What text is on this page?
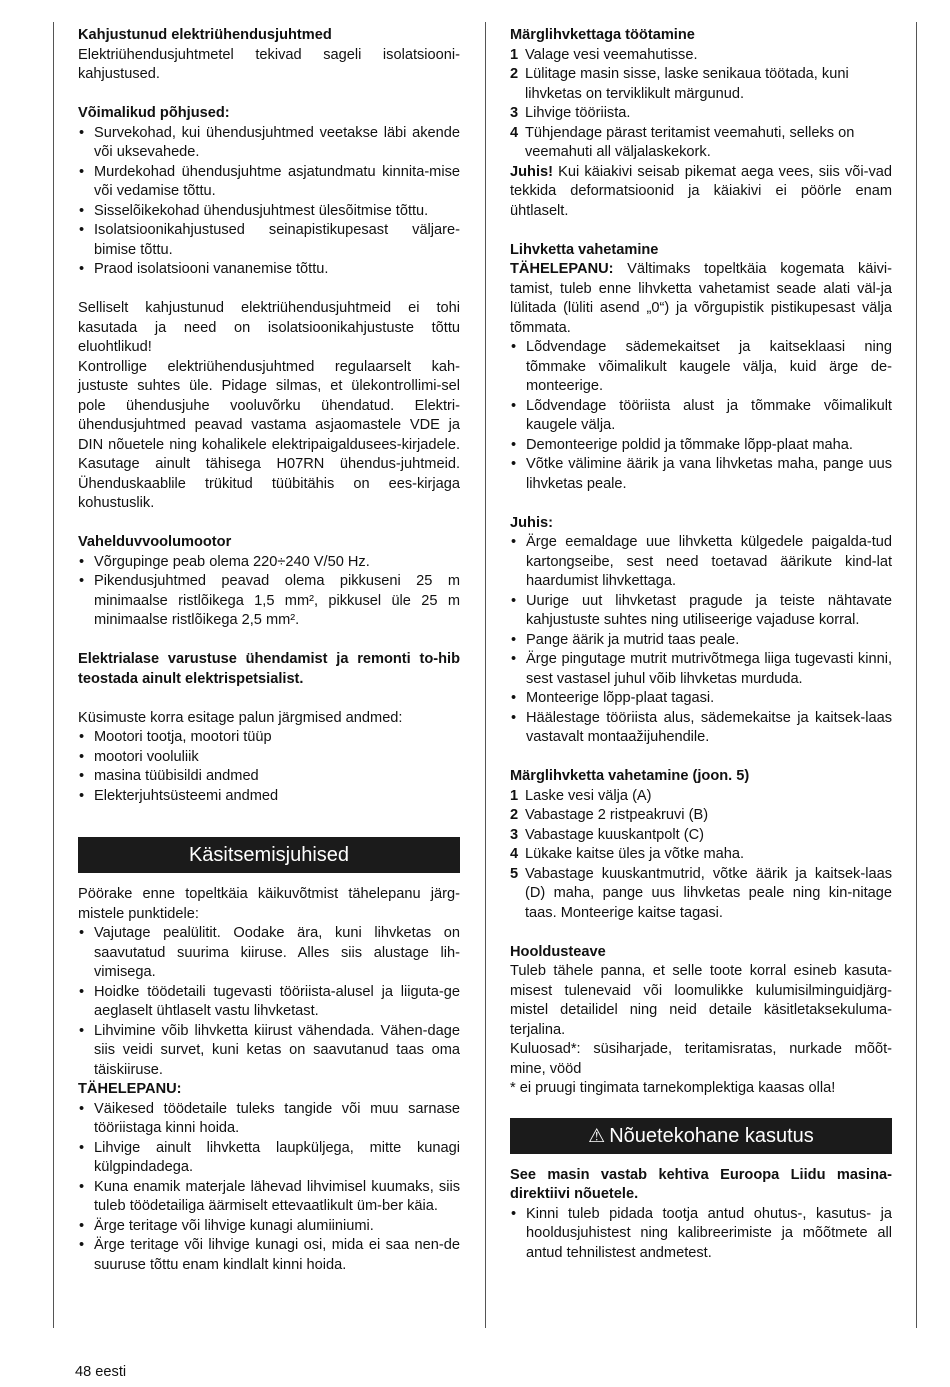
Kahjustunud elektriühendusjuhtmed

Elektriühendusjuhtmetel tekivad sageli isolatsiooni-kahjustused.

Võimalikud põhjused:

• Survekohad, kui ühendusjuhtmed veetakse läbi akende või uksevahede.
• Murdekohad ühendusjuhtme asjatundmatu kinnita-mise või vedamise tõttu.
• Sisselõikekohad ühendusjuhtmest ülesõitmise tõttu.
• Isolatsioonikahjustused seinapistikupesast väljare-bimise tõttu.
• Praod isolatsiooni vananemise tõttu.

Selliselt kahjustunud elektriühendusjuhtmeid ei tohi kasutada ja need on isolatsioonikahjustuste tõttu eluohtlikud!

Kontrollige elektriühendusjuhtmed regulaarselt kah-justuste suhtes üle. Pidage silmas, et ülekontrollimi-sel pole ühendusjuhe vooluvõrku ühendatud. Elektri-ühendusjuhtmed peavad vastama asjaomastele VDE ja DIN nõuetele ning kohalikele elektripaigaldusees-kirjadele. Kasutage ainult tähisega H07RN ühendus-juhtmeid. Ühenduskaablile trükitud tüübitähis on ees-kirjaga kohustuslik.

Vahelduvvoolumootor

• Võrgupinge peab olema 220÷240 V/50 Hz.
• Pikendusjuhtmed peavad olema pikkuseni 25 m minimaalse ristlõikega 1,5 mm², pikkusel üle 25 m minimaalse ristlõikega 2,5 mm².

Elektrialase varustuse ühendamist ja remonti to-hib teostada ainult elektrispetsialist.

Küsimuste korra esitage palun järgmised andmed:

• Mootori tootja, mootori tüüp
• mootori vooluliik
• masina tüübisildi andmed
• Elekterjuhtsüsteemi andmed
Käsitsemisjuhised

Pöörake enne topeltkäia käikuvõtmist tähelepanu järg-mistele punktidele:

• Vajutage pealülitit. Oodake ära, kuni lihvketas on saavutatud suurima kiiruse. Alles siis alustage lih-vimisega.
• Hoidke töödetaili tugevasti tööriista-alusel ja liiguta-ge aeglaselt ühtlaselt vastu lihvketast.
• Lihvimine võib lihvketta kiirust vähendada. Vähen-dage siis veidi survet, kuni ketas on saavutanud taas oma täiskiiruse.

TÄHELEPANU:

• Väikesed töödetaile tuleks tangide või muu sarnase tööriistaga kinni hoida.
• Lihvige ainult lihvketta laupküljega, mitte kunagi külgpindadega.
• Kuna enamik materjale lähevad lihvimisel kuumaks, siis tuleb töödetailiga äärmiselt ettevaatlikult üm-ber käia.
• Ärge teritage või lihvige kunagi alumiiniumi.
• Ärge teritage või lihvige kunagi osi, mida ei saa nen-de suuruse tõttu enam kindlalt kinni hoida.

Märglihvkettaga töötamine

1 Valage vesi veemahutisse.
2 Lülitage masin sisse, laske senikaua töötada, kuni lihvketas on terviklikult märgunud.
3 Lihvige tööriista.
4 Tühjendage pärast teritamist veemahuti, selleks on veemahuti all väljalaskekork.

Juhis! Kui käiakivi seisab pikemat aega vees, siis või-vad tekkida deformatsioonid ja käiakivi ei pöörle enam ühtlaselt.

Lihvketta vahetamine

TÄHELEPANU: Vältimaks topeltkäia kogemata käivi-tamist, tuleb enne lihvketta vahetamist seade alati väl-ja lülitada (lüliti asend „0“) ja võrgupistik pistikupesast välja tõmmata.

• Lõdvendage sädemekaitset ja kaitseklaasi ning tõmmake võimalikult kaugele välja, kuid ärge de-monteerige.
• Lõdvendage tööriista alust ja tõmmake võimalikult kaugele välja.
• Demonteerige poldid ja tõmmake lõpp-plaat maha.
• Võtke välimine äärik ja vana lihvketas maha, pange uus lihvketas peale.

Juhis:

• Ärge eemaldage uue lihvketta külgedele paigalda-tud kartongseibe, sest need toetavad äärikute kind-lat haardumist lihvkettaga.
• Uurige uut lihvketast pragude ja teiste nähtavate kahjustuste suhtes ning utiliseerige vajaduse korral.
• Pange äärik ja mutrid taas peale.
• Ärge pingutage mutrit mutrivõtmega liiga tugevasti kinni, sest vastasel juhul võib lihvketas murduda.
• Monteerige lõpp-plaat tagasi.
• Häälestage tööriista alus, sädemekaitse ja kaitsek-laas vastavalt montaažijuhendile.

Märglihvketta vahetamine (joon. 5)

1 Laske vesi välja (A)
2 Vabastage 2 ristpeakruvi (B)
3 Vabastage kuuskantpolt (C)
4 Lükake kaitse üles ja võtke maha.
5 Vabastage kuuskantmutrid, võtke äärik ja kaitsek-laas (D) maha, pange uus lihvketas peale ning kin-nitage taas. Monteerige kaitse tagasi.

Hooldusteave

Tuleb tähele panna, et selle toote korral esineb kasuta-misest tulenevaid või loomulikke kulumisilminguidjärg-mistel detailidel ning neid detaile käsitletaksekuluma-terjalina.

Kuluosad*: süsiharjade, teritamisratas, nurkade mõõt-mine, vööd

* ei pruugi tingimata tarnekomplektiga kaasas olla!

⚠ Nõuetekohane kasutus

See masin vastab kehtiva Euroopa Liidu masina-direktiivi nõuetele.

• Kinni tuleb pidada tootja antud ohutus-, kasutus- ja hooldusjuhistest ning kalibreerimiste ja mõõtmete all antud tehnilistest andmetest.
48 eesti
